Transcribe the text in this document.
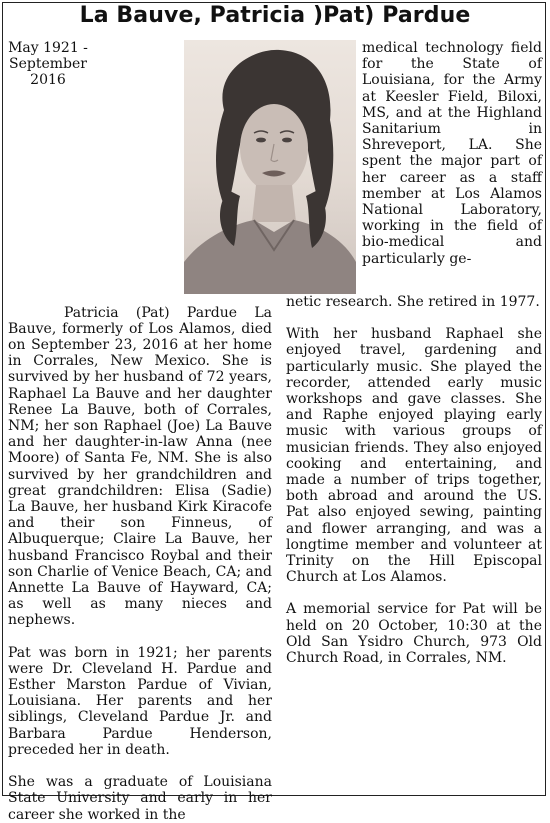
La Bauve, Patricia )Pat) Pardue

medical technology field for the State of Louisiana, for the Army at Keesler Field, Biloxi, MS, and at the Highland Sanitarium in Shreveport, LA. She spent the major part of her career as a staff member at Los Alamos National Laboratory, working in the field of bio-medical and particularly ge-

May 1921 -
September 2016

Patricia (Pat) Pardue La Bauve, formerly of Los Alamos, died on September 23, 2016 at her home in Corrales, New Mexico. She is survived by her husband of 72 years, Raphael La Bauve and her daughter Renee La Bauve, both of Corrales, NM; her son Raphael (Joe) La Bauve and her daughter-in-law Anna (nee Moore) of Santa Fe, NM. She is also survived by her grandchildren and great grandchildren: Elisa (Sadie) La Bauve, her husband Kirk Kiracofe and their son Finneus, of Albuquerque; Claire La Bauve, her husband Francisco Roybal and their son Charlie of Venice Beach, CA; and Annette La Bauve of Hayward, CA; as well as many nieces and nephews.

Pat was born in 1921; her parents were Dr. Cleveland H. Pardue and Esther Marston Pardue of Vivian, Louisiana. Her parents and her siblings, Cleveland Pardue Jr. and Barbara Pardue Henderson, preceded her in death.

She was a graduate of Louisiana State University and early in her career she worked in the

netic research. She retired in 1977.

With her husband Raphael she enjoyed travel, gardening and particularly music. She played the recorder, attended early music workshops and gave classes. She and Raphe enjoyed playing early music with various groups of musician friends. They also enjoyed cooking and entertaining, and made a number of trips together, both abroad and around the US. Pat also enjoyed sewing, painting and flower arranging, and was a longtime member and volunteer at Trinity on the Hill Episcopal Church at Los Alamos.

A memorial service for Pat will be held on 20 October, 10:30 at the Old San Ysidro Church, 973 Old Church Road, in Corrales, NM.
